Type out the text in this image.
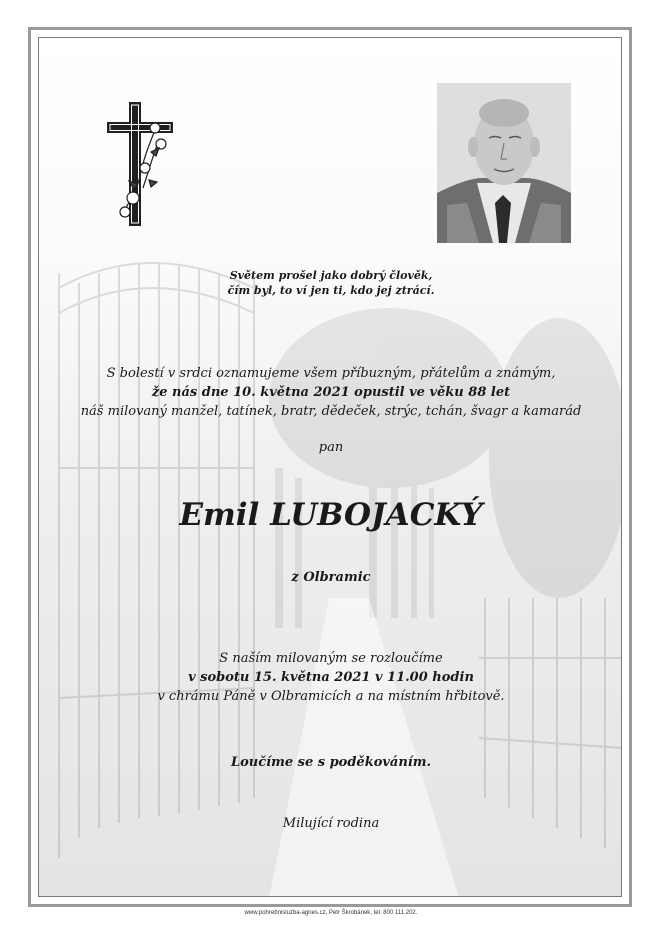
Světem prošel jako dobrý člověk,
čím byl, to ví jen ti, kdo jej ztrácí.
S bolestí v srdci oznamujeme všem příbuzným, přátelům a známým,
že nás dne 10. května 2021 opustil ve věku 88 let
náš milovaný manžel, tatínek, bratr, dědeček, strýc, tchán, švagr a kamarád
pan
Emil LUBOJACKÝ
z Olbramic
S naším milovaným se rozloučíme
v sobotu 15. května 2021 v 11.00 hodin
v chrámu Páně v Olbramicích a na místním hřbitově.
Loučíme se s poděkováním.
Milující rodina
www.pohrebnisluzba-agnes.cz, Petr Škrobánek, tel. 800 111 202.
